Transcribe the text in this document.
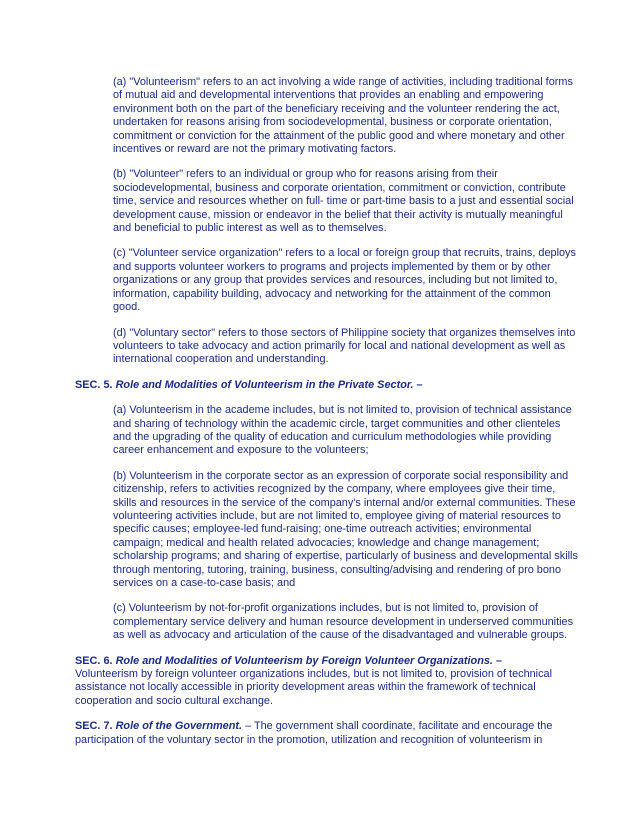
(a) "Volunteerism" refers to an act involving a wide range of activities, including traditional forms of mutual aid and developmental interventions that provides an enabling and empowering environment both on the part of the beneficiary receiving and the volunteer rendering the act, undertaken for reasons arising from sociodevelopmental, business or corporate orientation, commitment or conviction for the attainment of the public good and where monetary and other incentives or reward are not the primary motivating factors.

(b) "Volunteer" refers to an individual or group who for reasons arising from their sociodevelopmental, business and corporate orientation, commitment or conviction, contribute time, service and resources whether on full- time or part-time basis to a just and essential social development cause, mission or endeavor in the belief that their activity is mutually meaningful and beneficial to public interest as well as to themselves.

(c) "Volunteer service organization" refers to a local or foreign group that recruits, trains, deploys and supports volunteer workers to programs and projects implemented by them or by other organizations or any group that provides services and resources, including but not limited to, information, capability building, advocacy and networking for the attainment of the common good.

(d) "Voluntary sector" refers to those sectors of Philippine society that organizes themselves into volunteers to take advocacy and action primarily for local and national development as well as international cooperation and understanding.

SEC. 5. Role and Modalities of Volunteerism in the Private Sector. –

(a) Volunteerism in the academe includes, but is not limited to, provision of technical assistance and sharing of technology within the academic circle, target communities and other clienteles and the upgrading of the quality of education and curriculum methodologies while providing career enhancement and exposure to the volunteers;

(b) Volunteerism in the corporate sector as an expression of corporate social responsibility and citizenship, refers to activities recognized by the company, where employees give their time, skills and resources in the service of the company's internal and/or external communities. These volunteering activities include, but are not limited to, employee giving of material resources to specific causes; employee-led fund-raising; one-time outreach activities; environmental campaign; medical and health related advocacies; knowledge and change management; scholarship programs; and sharing of expertise, particularly of business and developmental skills through mentoring, tutoring, training, business, consulting/advising and rendering of pro bono services on a case-to-case basis; and

(c) Volunteerism by not-for-profit organizations includes, but is not limited to, provision of complementary service delivery and human resource development in underserved communities as well as advocacy and articulation of the cause of the disadvantaged and vulnerable groups.

SEC. 6. Role and Modalities of Volunteerism by Foreign Volunteer Organizations. –
Volunteerism by foreign volunteer organizations includes, but is not limited to, provision of technical assistance not locally accessible in priority development areas within the framework of technical cooperation and socio cultural exchange.

SEC. 7. Role of the Government. – The government shall coordinate, facilitate and encourage the participation of the voluntary sector in the promotion, utilization and recognition of volunteerism in
